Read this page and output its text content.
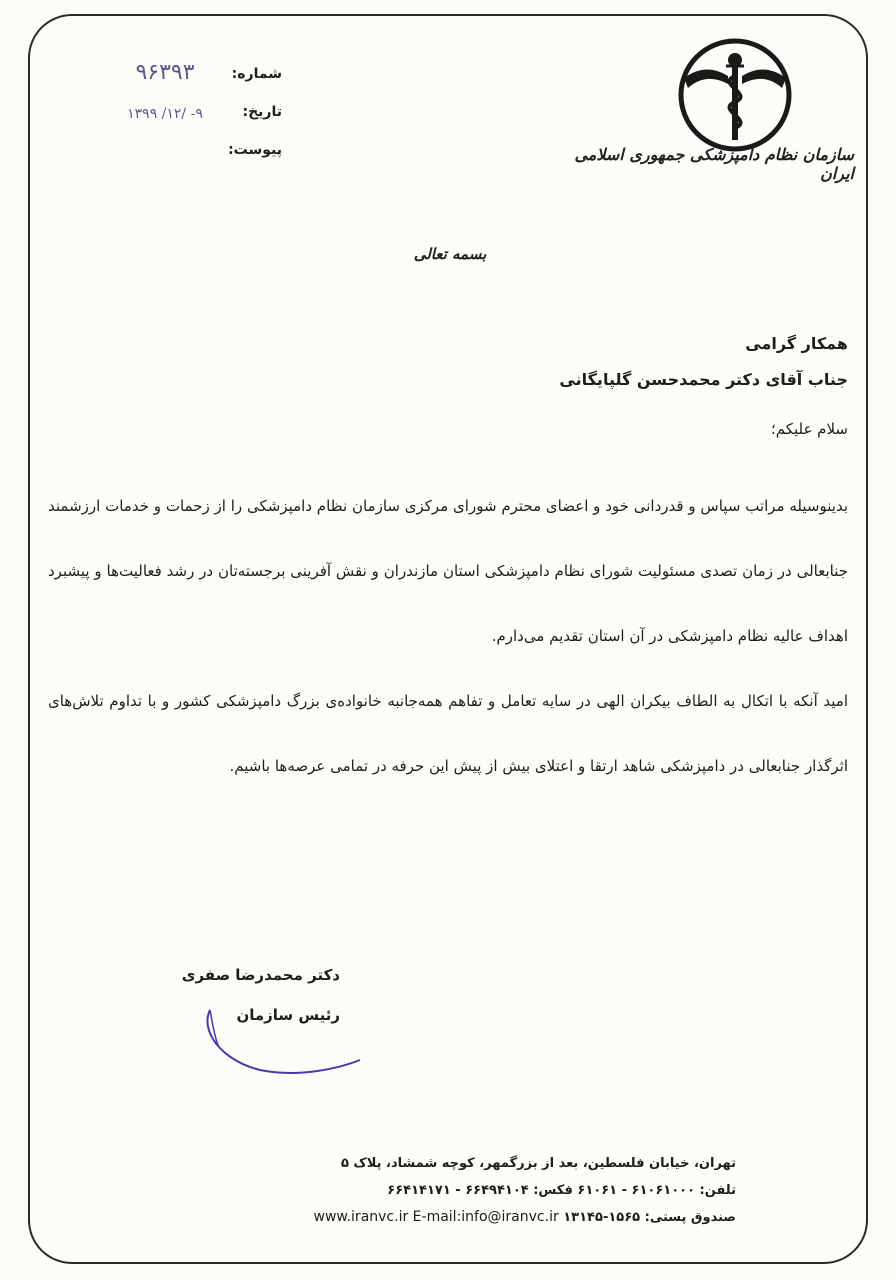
سازمان نظام دامپزشکی جمهوری اسلامی ایران
شماره:
۹۶۳۹۳
تاریخ:
۱۳۹۹ /۱۲/ -۹
پیوست:
بسمه تعالی
همکار گرامی
جناب آقای دکتر محمدحسن گلپایگانی
سلام علیکم؛

بدینوسیله مراتب سپاس و قدردانی خود و اعضای محترم شورای مرکزی سازمان نظام دامپزشکی را از زحمات و خدمات ارزشمند جنابعالی در زمان تصدی مسئولیت شورای نظام دامپزشکی استان مازندران و نقش آفرینی برجسته‌تان در رشد فعالیت‌ها و پیشبرد اهداف عالیه نظام دامپزشکی در آن استان تقدیم می‌دارم.

امید آنکه با اتکال به الطاف بیکران الهی در سایه تعامل و تفاهم همه‌جانبه خانواده‌ی بزرگ دامپزشکی کشور و با تداوم تلاش‌های اثرگذار جنابعالی در دامپزشکی شاهد ارتقا و اعتلای بیش از پیش این حرفه در تمامی عرصه‌ها باشیم.

دکتر محمدرضا صفری
رئیس سازمان
تهران، خیابان فلسطین، بعد از بزرگمهر، کوچه شمشاد، پلاک ۵
تلفن: ۶۱۰۶۱۰۰۰ - ۶۱۰۶۱ فکس: ۶۶۴۹۴۱۰۴ - ۶۶۴۱۴۱۷۱
صندوق پستی: ۱۵۶۵-۱۳۱۴۵ www.iranvc.ir E-mail:info@iranvc.ir
